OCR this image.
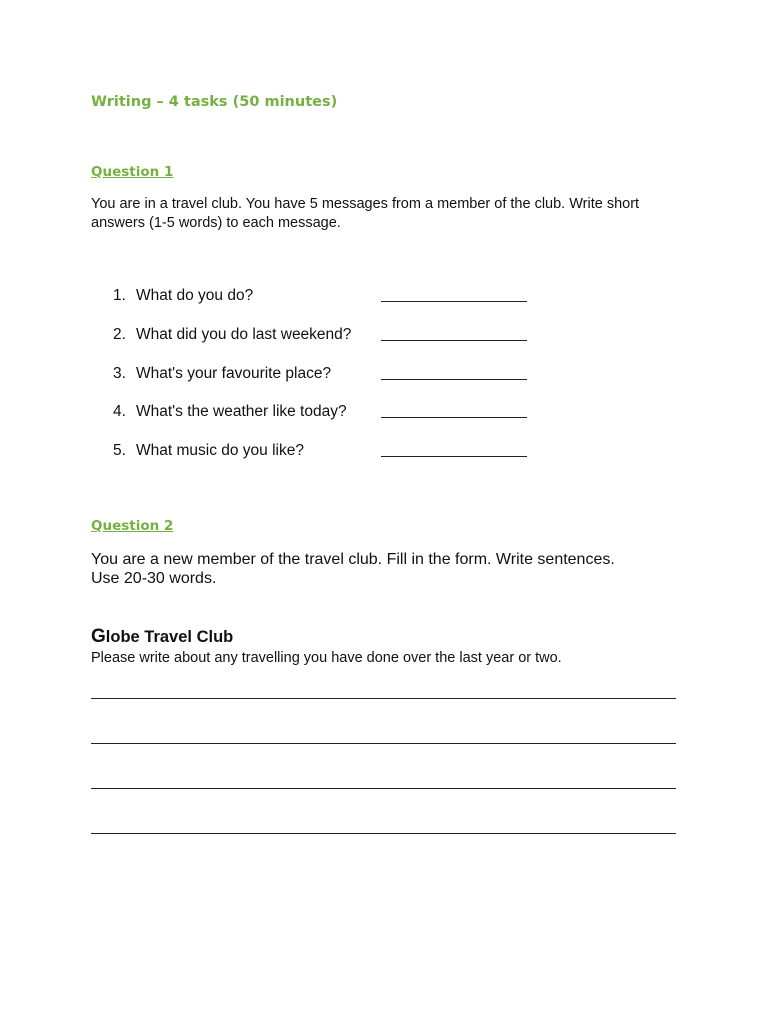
Writing – 4 tasks (50 minutes)
Question 1
You are in a travel club. You have 5 messages from a member of the club. Write short
answers (1-5 words) to each message.
1. What do you do?
2. What did you do last weekend?
3. What's your favourite place?
4. What's the weather like today?
5. What music do you like?
Question 2
You are a new member of the travel club. Fill in the form. Write sentences.
Use 20-30 words.
Globe Travel Club
Please write about any travelling you have done over the last year or two.
